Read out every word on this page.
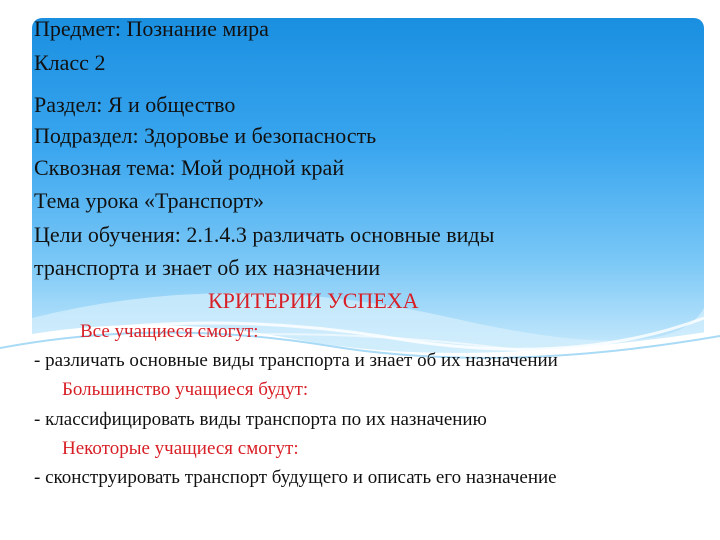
Предмет: Познание мира
Класс 2
Раздел: Я и общество
Подраздел: Здоровье и безопасность
Сквозная тема: Мой родной край
Тема урока «Транспорт»
Цели обучения: 2.1.4.3 различать основные виды
транспорта и знает об их назначении
КРИТЕРИИ УСПЕХА
Все учащиеся смогут:
- различать основные виды транспорта и знает об их назначении
Большинство учащиеся будут:
- классифицировать виды транспорта по их назначению
Некоторые учащиеся смогут:
- сконструировать транспорт будущего и описать его назначение
